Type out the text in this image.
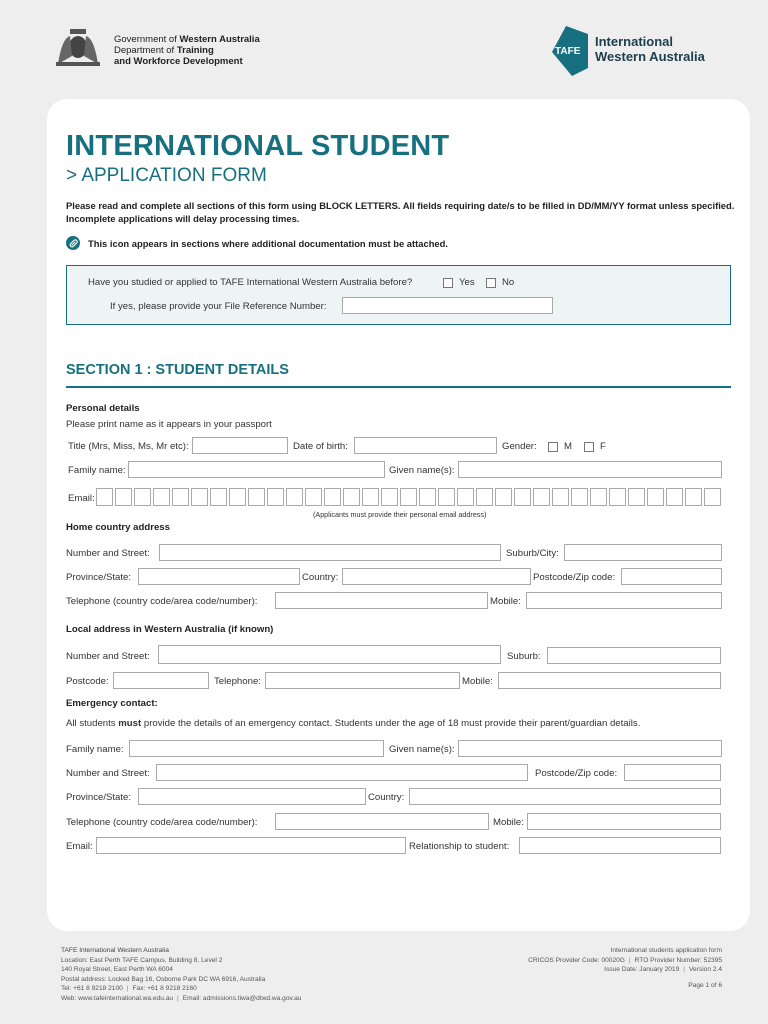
Government of Western Australia
Department of Training
and Workforce Development
TAFE
International
Western Australia
INTERNATIONAL STUDENT
> APPLICATION FORM
Please read and complete all sections of this form using BLOCK LETTERS. All fields requiring date/s to be filled in DD/MM/YY format unless specified. Incomplete applications will delay processing times.
This icon appears in sections where additional documentation must be attached.
Have you studied or applied to TAFE International Western Australia before?	Yes	No
If yes, please provide your File Reference Number:
SECTION 1 : STUDENT DETAILS
Personal details
Please print name as it appears in your passport
Title (Mrs, Miss, Ms, Mr etc):	Date of birth:	Gender:	M	F
Family name:	Given name(s):
Email:
(Applicants must provide their personal email address)
Home country address
Number and Street:	Suburb/City:
Province/State:	Country:	Postcode/Zip code:
Telephone (country code/area code/number):	Mobile:
Local address in Western Australia (if known)
Number and Street:	Suburb:
Postcode:	Telephone:	Mobile:
Emergency contact:
All students must provide the details of an emergency contact. Students under the age of 18 must provide their parent/guardian details.
Family name:	Given name(s):
Number and Street:	Postcode/Zip code:
Province/State:	Country:
Telephone (country code/area code/number):	Mobile:
Email:	Relationship to student:
TAFE International Western Australia
Location: East Perth TAFE Campus, Building 8, Level 2
140 Royal Street, East Perth WA 6004
Postal address: Locked Bag 16, Osborne Park DC WA 6916, Australia
Tel: +61 8 9218 2100 | Fax: +61 8 9218 2160
Web: www.tafeinternational.wa.edu.au | Email: admissions.tiwa@dtwd.wa.gov.au
International students application form
CRICOS Provider Code: 00020G | RTO Provider Number: 52395
Issue Date: January 2019 | Version 2.4
Page 1 of 6
